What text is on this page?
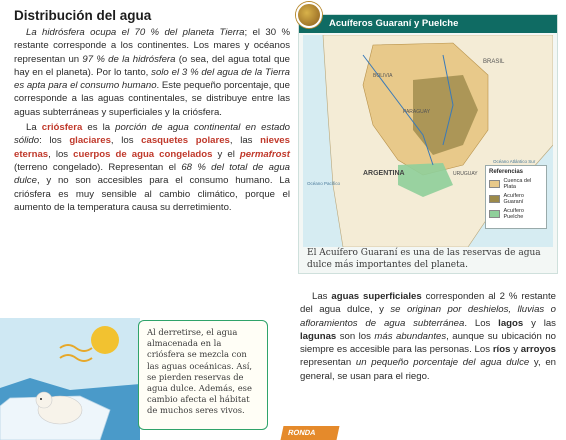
Distribución del agua

La hidrósfera ocupa el 70 % del planeta Tierra; el 30 % restante corresponde a los continentes. Los mares y océanos representan un 97 % de la hidrósfera (o sea, del agua total que hay en el planeta). Por lo tanto, solo el 3 % del agua de la Tierra es apta para el consumo humano. Este pequeño porcentaje, que corresponde a las aguas continentales, se distribuye entre las aguas subterráneas y superficiales y la criósfera.

La criósfera es la porción de agua continental en estado sólido: los glaciares, los casquetes polares, las nieves eternas, los cuerpos de agua congelados y el permafrost (terreno congelado). Representan el 68 % del total de agua dulce, y no son accesibles para el consumo humano. La criósfera es muy sensible al cambio climático, porque el aumento de la temperatura causa su derretimiento.

Acuíferos Guaraní y Puelche
BOLIVIA
PARAGUAY
BRASIL
URUGUAY
ARGENTINA
Océano Atlántico Sur
Océano Pacífico
Referencias
Cuenca del Plata
Acuífero Guaraní
Acuífero Puelche
El Acuífero Guaraní es una de las reservas de agua dulce más importantes del planeta.

Las aguas superficiales corresponden al 2 % restante del agua dulce, y se originan por deshielos, lluvias o afloramientos de agua subterránea. Los lagos y las lagunas son los más abundantes, aunque su ubicación no siempre es accesible para las personas. Los ríos y arroyos representan un pequeño porcentaje del agua dulce y, en general, se usan para el riego.

Al derretirse, el agua almacenada en la criósfera se mezcla con las aguas oceánicas. Así, se pierden reservas de agua dulce. Además, ese cambio afecta el hábitat de muchos seres vivos.
RONDA
